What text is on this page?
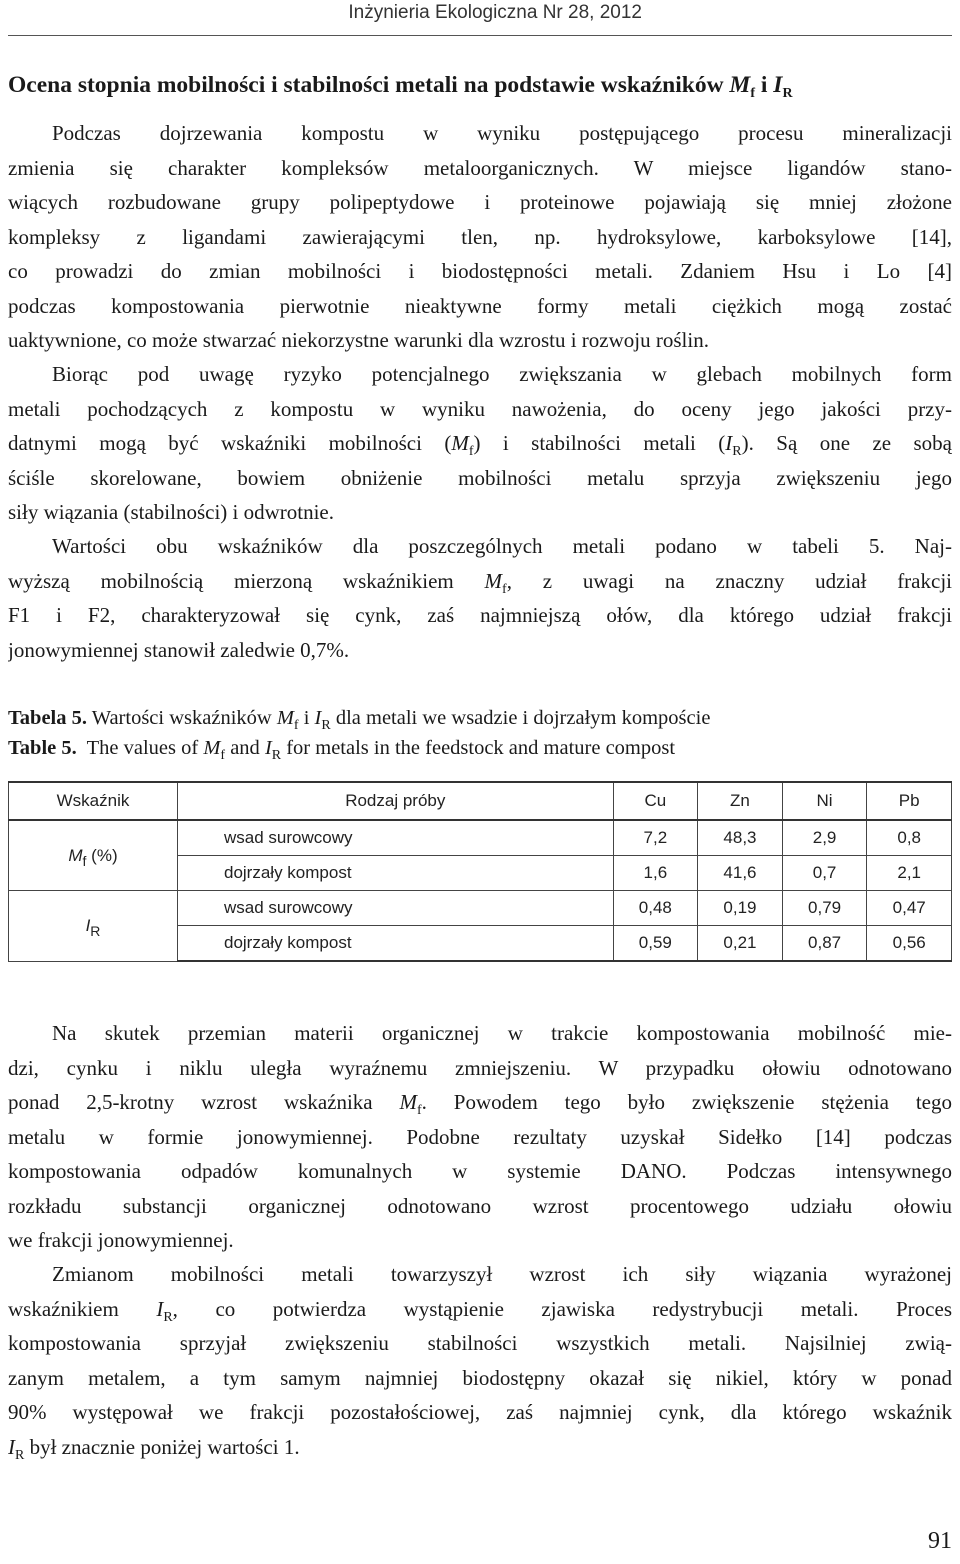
Inżynieria Ekologiczna Nr 28, 2012
Ocena stopnia mobilności i stabilności metali na podstawie wskaźników $M_f$ i $I_R$
Podczas dojrzewania kompostu w wyniku postępującego procesu mineralizacji
zmienia się charakter kompleksów metaloorganicznych. W miejsce ligandów stano-
wiących rozbudowane grupy polipeptydowe i proteinowe pojawiają się mniej złożone
kompleksy z ligandami zawierającymi tlen, np. hydroksylowe, karboksylowe [14],
co prowadzi do zmian mobilności i biodostępności metali. Zdaniem Hsu i Lo [4]
podczas kompostowania pierwotnie nieaktywne formy metali ciężkich mogą zostać
uaktywnione, co może stwarzać niekorzystne warunki dla wzrostu i rozwoju roślin.
Biorąc pod uwagę ryzyko potencjalnego zwiększania w glebach mobilnych form
metali pochodzących z kompostu w wyniku nawożenia, do oceny jego jakości przy-
datnymi mogą być wskaźniki mobilności $(M_f)$ i stabilności metali $(I_R)$. Są one ze sobą
ściśle skorelowane, bowiem obniżenie mobilności metalu sprzyja zwiększeniu jego
siły wiązania (stabilności) i odwrotnie.
Wartości obu wskaźników dla poszczególnych metali podano w tabeli 5. Naj-
wyższą mobilnością mierzoną wskaźnikiem $M_f$, z uwagi na znaczny udział frakcji
F1 i F2, charakteryzował się cynk, zaś najmniejszą ołów, dla którego udział frakcji
jonowymiennej stanowił zaledwie 0,7%.
Tabela 5. Wartości wskaźników $M_f$ i $I_R$ dla metali we wsadzie i dojrzałym kompoście
Table 5.  The values of $M_f$ and $I_R$ for metals in the feedstock and mature compost
Wskaźnik	Rodzaj próby	Cu	Zn	Ni	Pb
$M_f$ (%)	wsad surowcowy	7,2	48,3	2,9	0,8
	dojrzały kompost	1,6	41,6	0,7	2,1
$I_R$	wsad surowcowy	0,48	0,19	0,79	0,47
	dojrzały kompost	0,59	0,21	0,87	0,56
Na skutek przemian materii organicznej w trakcie kompostowania mobilność mie-
dzi, cynku i niklu uległa wyraźnemu zmniejszeniu. W przypadku ołowiu odnotowano
ponad 2,5-krotny wzrost wskaźnika $M_f$. Powodem tego było zwiększenie stężenia tego
metalu w formie jonowymiennej. Podobne rezultaty uzyskał Sidełko [14] podczas
kompostowania odpadów komunalnych w systemie DANO. Podczas intensywnego
rozkładu substancji organicznej odnotowano wzrost procentowego udziału ołowiu
we frakcji jonowymiennej.
Zmianom mobilności metali towarzyszył wzrost ich siły wiązania wyrażonej
wskaźnikiem $I_R$, co potwierdza wystąpienie zjawiska redystrybucji metali. Proces
kompostowania sprzyjał zwiększeniu stabilności wszystkich metali. Najsilniej zwią-
zanym metalem, a tym samym najmniej biodostępny okazał się nikiel, który w ponad
90% występował we frakcji pozostałościowej, zaś najmniej cynk, dla którego wskaźnik
$I_R$ był znacznie poniżej wartości 1.
91
